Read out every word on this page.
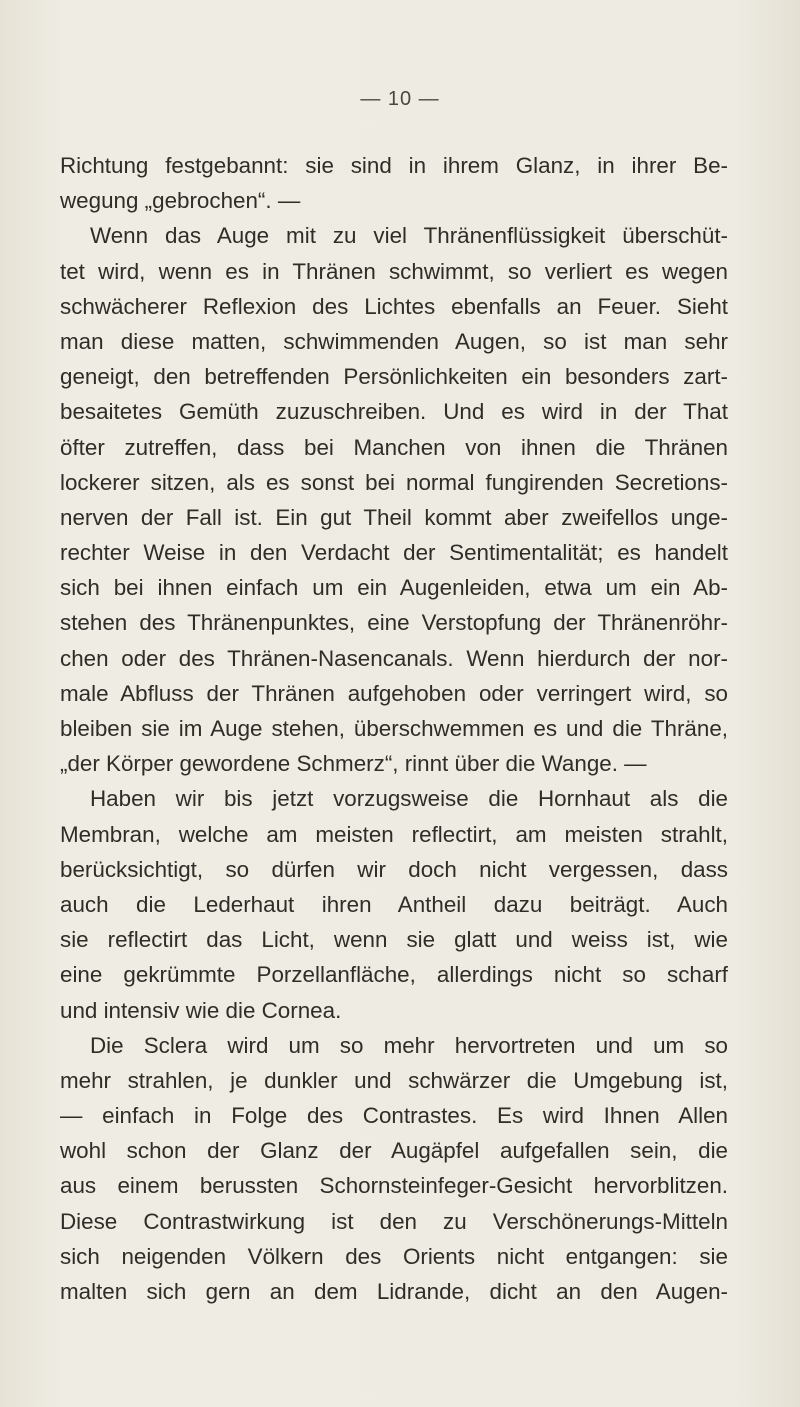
— 10 —
Richtung festgebannt: sie sind in ihrem Glanz, in ihrer Be-
wegung „gebrochen“. —
Wenn das Auge mit zu viel Thränenflüssigkeit überschüt-
tet wird, wenn es in Thränen schwimmt, so verliert es wegen
schwächerer Reflexion des Lichtes ebenfalls an Feuer. Sieht
man diese matten, schwimmenden Augen, so ist man sehr
geneigt, den betreffenden Persönlichkeiten ein besonders zart-
besaitetes Gemüth zuzuschreiben. Und es wird in der That
öfter zutreffen, dass bei Manchen von ihnen die Thränen
lockerer sitzen, als es sonst bei normal fungirenden Secretions-
nerven der Fall ist. Ein gut Theil kommt aber zweifellos unge-
rechter Weise in den Verdacht der Sentimentalität; es handelt
sich bei ihnen einfach um ein Augenleiden, etwa um ein Ab-
stehen des Thränenpunktes, eine Verstopfung der Thränenröhr-
chen oder des Thränen-Nasencanals. Wenn hierdurch der nor-
male Abfluss der Thränen aufgehoben oder verringert wird, so
bleiben sie im Auge stehen, überschwemmen es und die Thräne,
„der Körper gewordene Schmerz“, rinnt über die Wange. —
Haben wir bis jetzt vorzugsweise die Hornhaut als die
Membran, welche am meisten reflectirt, am meisten strahlt,
berücksichtigt, so dürfen wir doch nicht vergessen, dass
auch die Lederhaut ihren Antheil dazu beiträgt. Auch
sie reflectirt das Licht, wenn sie glatt und weiss ist, wie
eine gekrümmte Porzellanfläche, allerdings nicht so scharf
und intensiv wie die Cornea.
Die Sclera wird um so mehr hervortreten und um so
mehr strahlen, je dunkler und schwärzer die Umgebung ist,
— einfach in Folge des Contrastes. Es wird Ihnen Allen
wohl schon der Glanz der Augäpfel aufgefallen sein, die
aus einem berussten Schornsteinfeger-Gesicht hervorblitzen.
Diese Contrastwirkung ist den zu Verschönerungs-Mitteln
sich neigenden Völkern des Orients nicht entgangen: sie
malten sich gern an dem Lidrande, dicht an den Augen-
